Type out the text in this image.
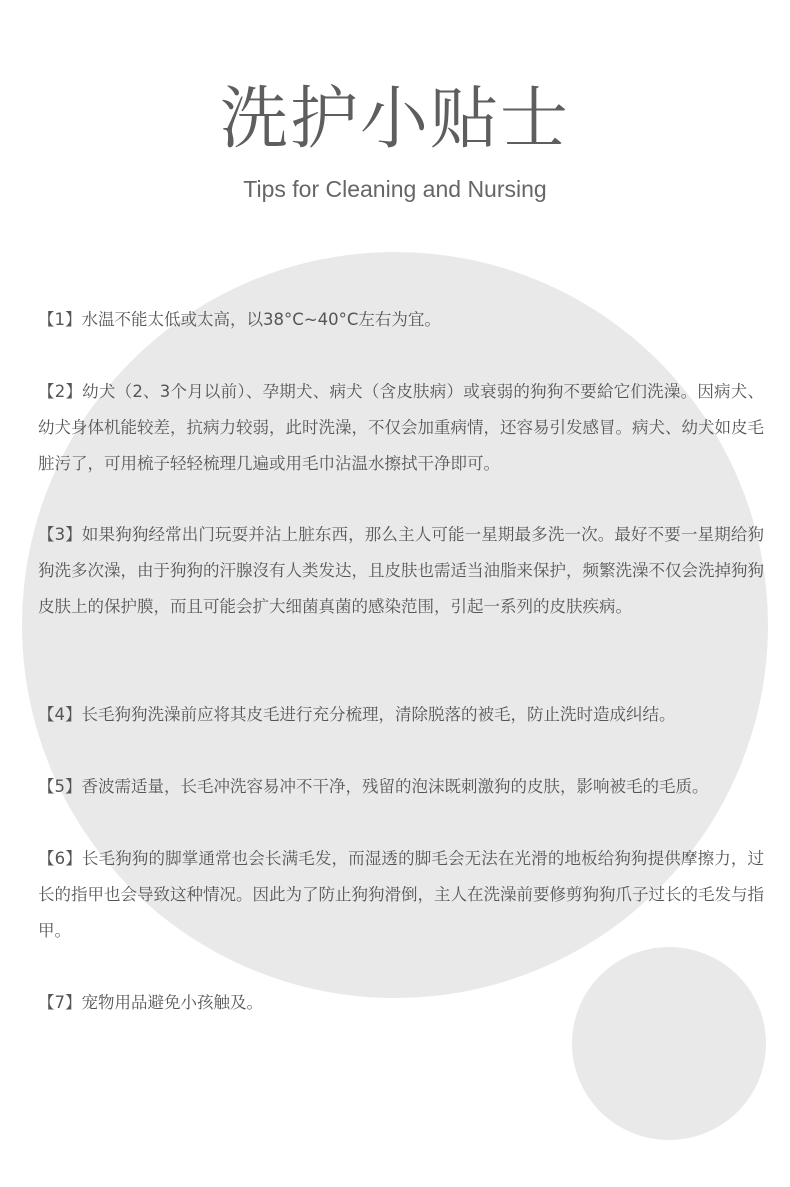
洗护小贴士
Tips for Cleaning and Nursing

【1】水温不能太低或太高，以38°C~40°C左右为宜。

【2】幼犬（2、3个月以前）、孕期犬、病犬（含皮肤病）或衰弱的狗狗不要給它们洗澡。因病犬、幼犬身体机能较差，抗病力较弱，此时洗澡，不仅会加重病情，还容易引发感冒。病犬、幼犬如皮毛脏污了，可用梳子轻轻梳理几遍或用毛巾沾温水擦拭干净即可。

【3】如果狗狗经常出门玩耍并沾上脏东西，那么主人可能一星期最多洗一次。最好不要一星期给狗狗洗多次澡，由于狗狗的汗腺沒有人类发达，且皮肤也需适当油脂来保护，频繁洗澡不仅会洗掉狗狗皮肤上的保护膜，而且可能会扩大细菌真菌的感染范围，引起一系列的皮肤疾病。

【4】长毛狗狗洗澡前应将其皮毛进行充分梳理，清除脱落的被毛，防止洗时造成纠结。

【5】香波需适量，长毛冲洗容易冲不干净，残留的泡沫既刺激狗的皮肤，影响被毛的毛质。

【6】长毛狗狗的脚掌通常也会长满毛发，而湿透的脚毛会无法在光滑的地板给狗狗提供摩擦力，过长的指甲也会导致这种情况。因此为了防止狗狗滑倒，主人在洗澡前要修剪狗狗爪子过长的毛发与指甲。

【7】宠物用品避免小孩触及。
